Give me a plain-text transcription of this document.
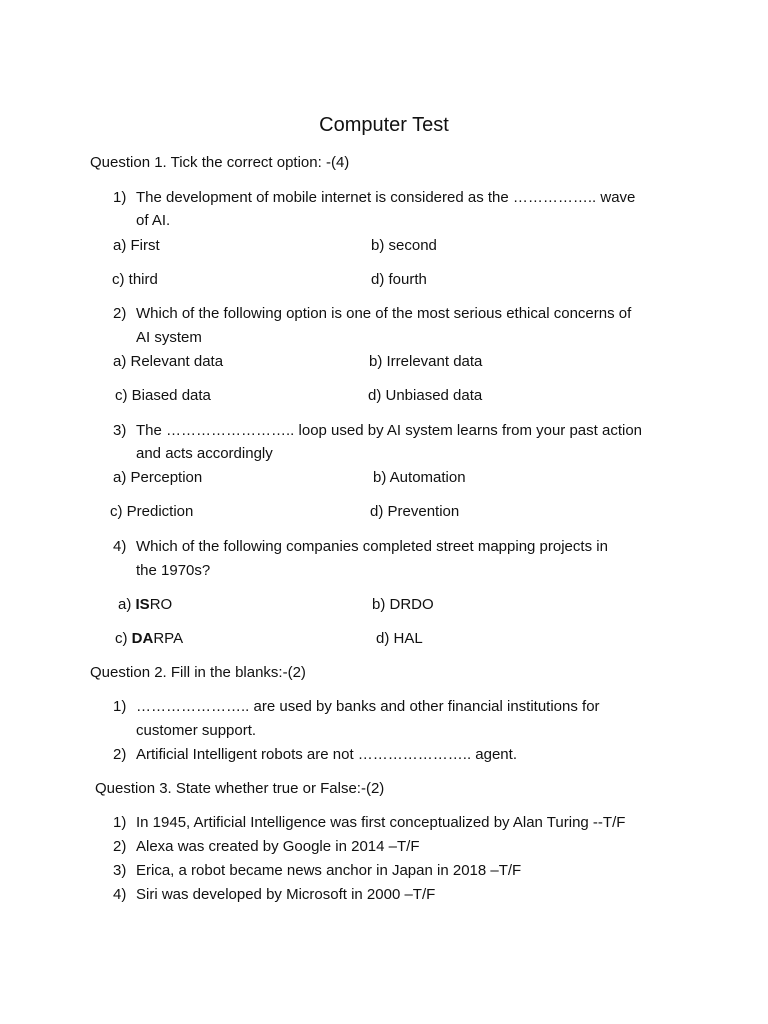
Computer Test
Question 1. Tick the correct option: -(4)
1) The development of mobile internet is considered as the …………….. wave
of AI.
a) First	b) second
c) third	d) fourth
2) Which of the following option is one of the most serious ethical concerns of
AI system
a) Relevant data	b) Irrelevant data
c) Biased data	d) Unbiased data
3) The …………………….. loop used by AI system learns from your past action
and acts accordingly
a) Perception	b) Automation
c) Prediction	d) Prevention
4) Which of the following companies completed street mapping projects in
the 1970s?
a) ISRO	b) DRDO
c) DARPA	d) HAL
Question 2. Fill in the blanks:-(2)
1) ………………….. are used by banks and other financial institutions for
customer support.
2) Artificial Intelligent robots are not ………………….. agent.
Question 3. State whether true or False:-(2)
1) In 1945, Artificial Intelligence was first conceptualized by Alan Turing --T/F
2) Alexa was created by Google in 2014 –T/F
3) Erica, a robot became news anchor in Japan in 2018 –T/F
4) Siri was developed by Microsoft in 2000 –T/F
